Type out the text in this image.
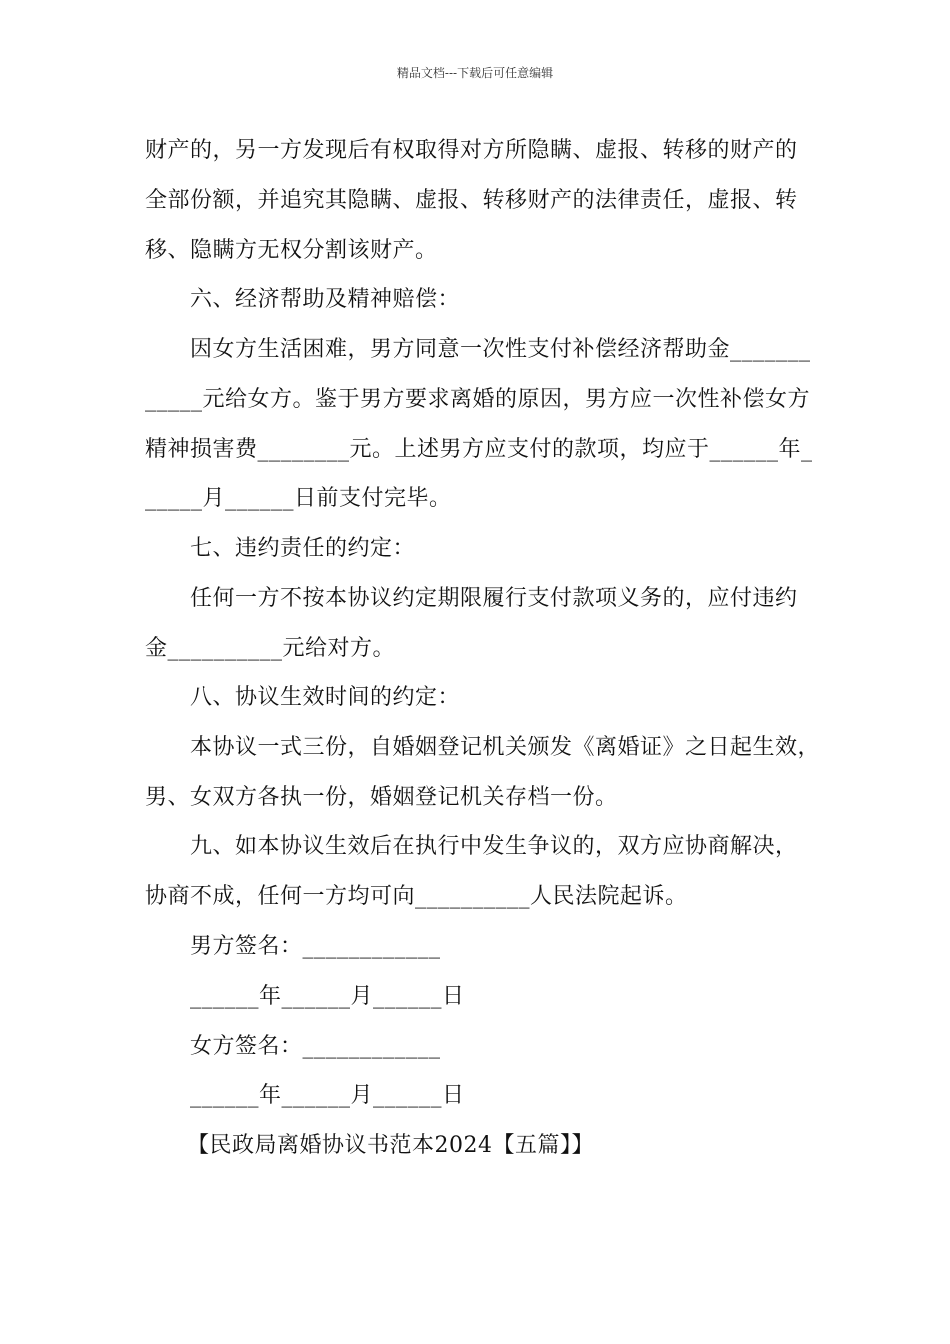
精品文档---下载后可任意编辑
财产的，另一方发现后有权取得对方所隐瞒、虚报、转移的财产的
全部份额，并追究其隐瞒、虚报、转移财产的法律责任，虚报、转
移、隐瞒方无权分割该财产。
六、经济帮助及精神赔偿：
因女方生活困难，男方同意一次性支付补偿经济帮助金_______
_____元给女方。鉴于男方要求离婚的原因，男方应一次性补偿女方
精神损害费________元。上述男方应支付的款项，均应于______年_
_____月______日前支付完毕。
七、违约责任的约定：
任何一方不按本协议约定期限履行支付款项义务的，应付违约
金__________元给对方。
八、协议生效时间的约定：
本协议一式三份，自婚姻登记机关颁发《离婚证》之日起生效，
男、女双方各执一份，婚姻登记机关存档一份。
九、如本协议生效后在执行中发生争议的，双方应协商解决，
协商不成，任何一方均可向__________人民法院起诉。
男方签名：____________
______年______月______日
女方签名：____________
______年______月______日
【民政局离婚协议书范本2024【五篇】】
